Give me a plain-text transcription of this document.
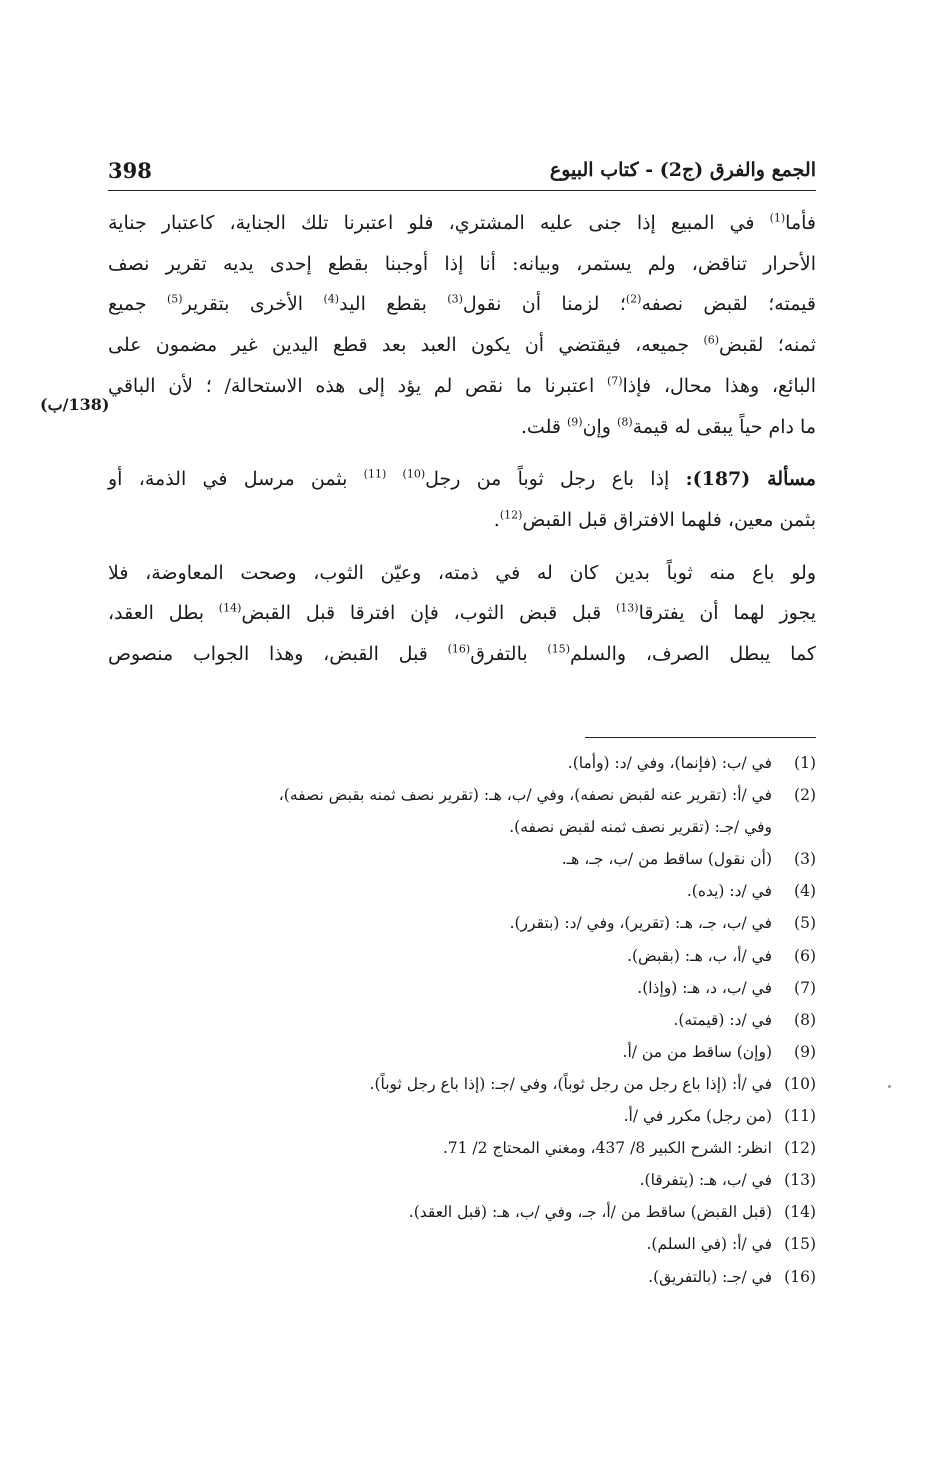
398	الجمع والفرق (ج2) - كتاب البيوع
(138/ب)

فأما$^{(1)}$ في المبيع إذا جنى عليه المشتري، فلو اعتبرنا تلك الجناية، كاعتبار جناية
الأحرار تناقض، ولم يستمر، وبيانه: أنا إذا أوجبنا بقطع إحدى يديه تقرير نصف
قيمته؛ لقبض نصفه$^{(2)}$؛ لزمنا أن نقول$^{(3)}$ بقطع اليد$^{(4)}$ الأخرى بتقرير$^{(5)}$ جميع
ثمنه؛ لقبض$^{(6)}$ جميعه، فيقتضي أن يكون العبد بعد قطع اليدين غير مضمون على
البائع، وهذا محال، فإذا$^{(7)}$ اعتبرنا ما نقص لم يؤد إلى هذه الاستحالة/ ؛ لأن الباقي
ما دام حياً يبقى له قيمة$^{(8)}$ وإن$^{(9)}$ قلت.

مسألة (187): إذا باع رجل ثوباً من رجل$^{(10)}$ $^{(11)}$ بثمن مرسل في الذمة، أو
بثمن معين، فلهما الافتراق قبل القبض$^{(12)}$.

ولو باع منه ثوباً بدين كان له في ذمته، وعيّن الثوب، وصحت المعاوضة، فلا
يجوز لهما أن يفترقا$^{(13)}$ قبل قبض الثوب، فإن افترقا قبل القبض$^{(14)}$ بطل العقد،
كما يبطل الصرف، والسلم$^{(15)}$ بالتفرق$^{(16)}$ قبل القبض، وهذا الجواب منصوص

(1)
في /ب: (فإنما)، وفي /د: (وأما).
(2)
في /أ: (تقرير عنه لقبض نصفه)، وفي /ب، هـ: (تقرير نصف ثمنه بقبض نصفه)،
وفي /جـ: (تقرير نصف ثمنه لقبض نصفه).
(3)
(أن نقول) ساقط من /ب، جـ، هـ.
(4)
في /د: (يده).
(5)
في /ب، جـ، هـ: (تقرير)، وفي /د: (بتقرر).
(6)
في /أ، ب، هـ: (بقبض).
(7)
في /ب، د، هـ: (وإذا).
(8)
في /د: (قيمته).
(9)
(وإن) ساقط من من /أ.
(10)
في /أ: (إذا باع رجل من رجل ثوباً)، وفي /جـ: (إذا باع رجل ثوباً).
(11)
(من رجل) مكرر في /أ.
(12)
انظر: الشرح الكبير 8/ 437، ومغني المحتاج 2/ 71.
(13)
في /ب، هـ: (يتفرقا).
(14)
(قبل القبض) ساقط من /أ، جـ، وفي /ب، هـ: (قبل العقد).
(15)
في /أ: (في السلم).
(16)
في /جـ: (بالتفريق).
